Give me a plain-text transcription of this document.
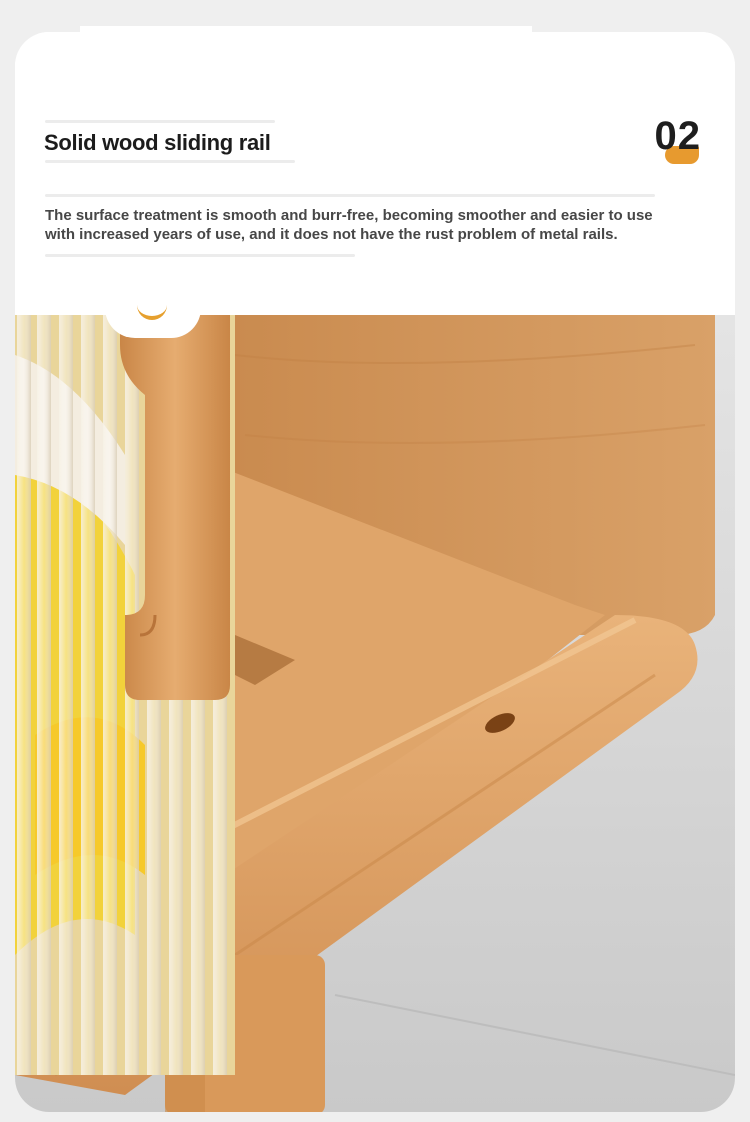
Solid wood sliding rail	02
The surface treatment is smooth and burr-free, becoming smoother and easier to use with increased years of use, and it does not have the rust problem of metal rails.
